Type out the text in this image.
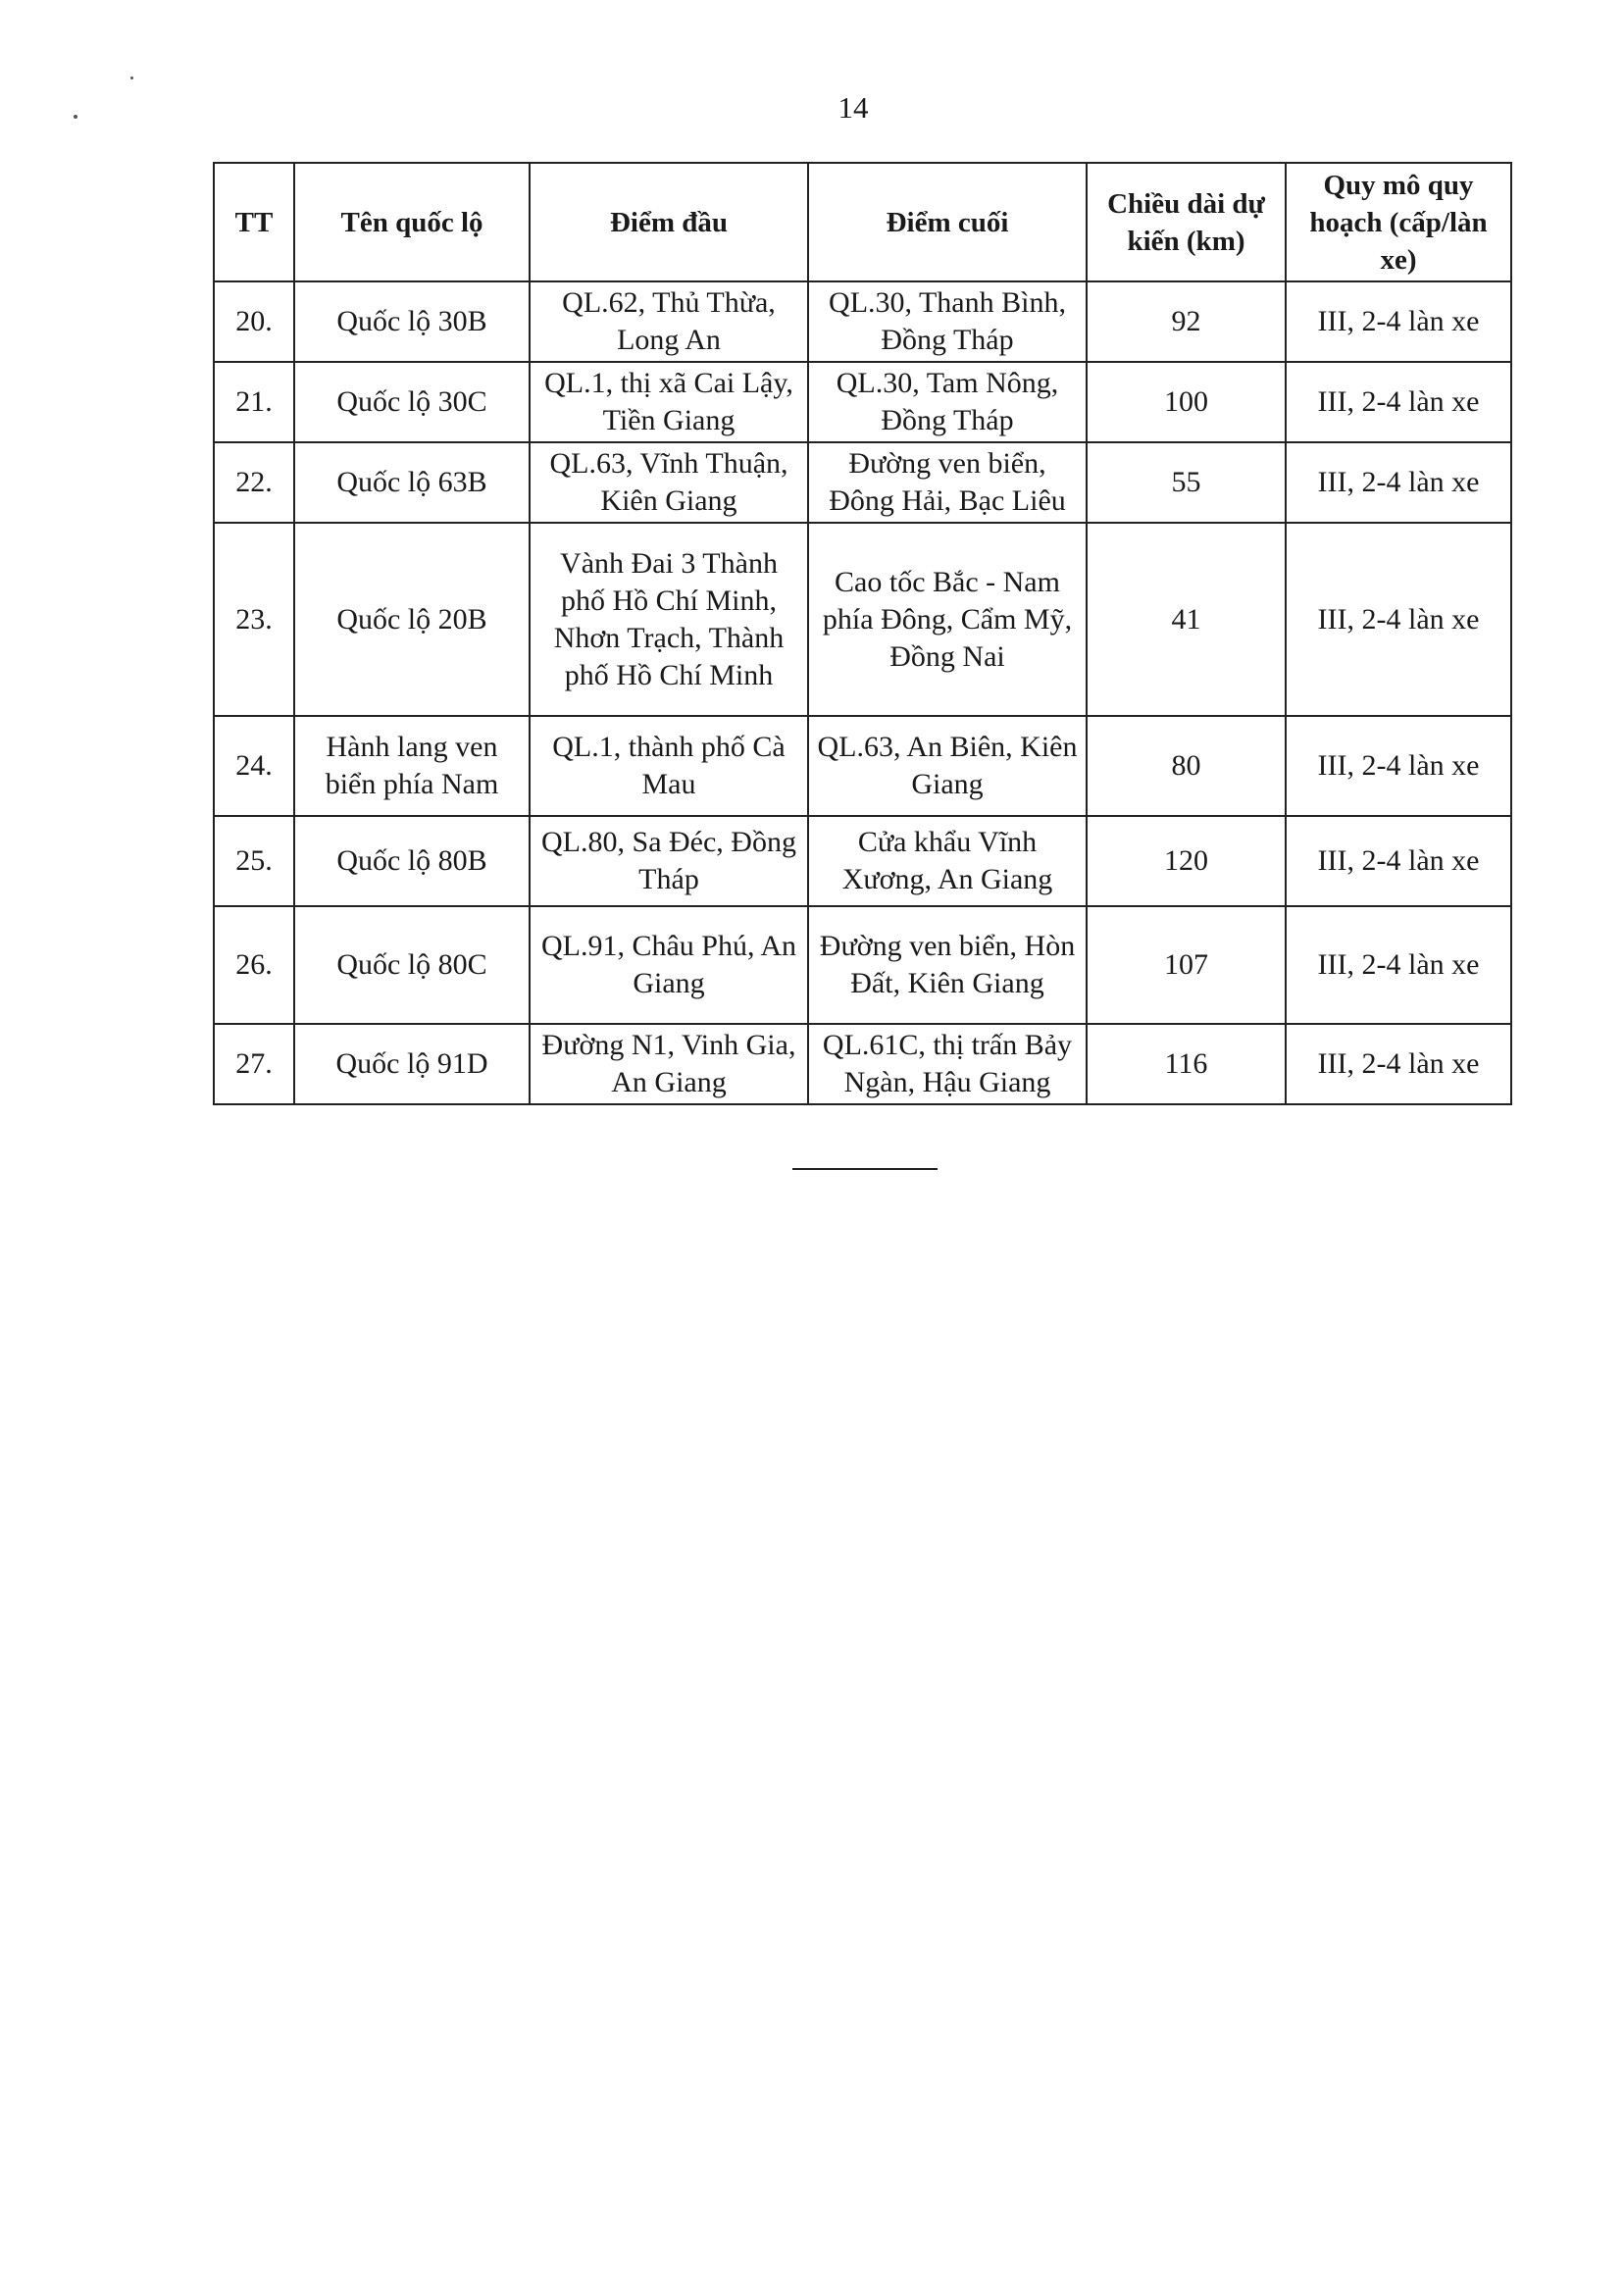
14
TT	Tên quốc lộ	Điểm đầu	Điểm cuối	Chiều dài dự kiến (km)	Quy mô quy hoạch (cấp/làn xe)
20.	Quốc lộ 30B	QL.62, Thủ Thừa, Long An	QL.30, Thanh Bình, Đồng Tháp	92	III, 2-4 làn xe
21.	Quốc lộ 30C	QL.1, thị xã Cai Lậy, Tiền Giang	QL.30, Tam Nông, Đồng Tháp	100	III, 2-4 làn xe
22.	Quốc lộ 63B	QL.63, Vĩnh Thuận, Kiên Giang	Đường ven biển, Đông Hải, Bạc Liêu	55	III, 2-4 làn xe
23.	Quốc lộ 20B	Vành Đai 3 Thành phố Hồ Chí Minh, Nhơn Trạch, Thành phố Hồ Chí Minh	Cao tốc Bắc - Nam phía Đông, Cẩm Mỹ, Đồng Nai	41	III, 2-4 làn xe
24.	Hành lang ven biển phía Nam	QL.1, thành phố Cà Mau	QL.63, An Biên, Kiên Giang	80	III, 2-4 làn xe
25.	Quốc lộ 80B	QL.80, Sa Đéc, Đồng Tháp	Cửa khẩu Vĩnh Xương, An Giang	120	III, 2-4 làn xe
26.	Quốc lộ 80C	QL.91, Châu Phú, An Giang	Đường ven biển, Hòn Đất, Kiên Giang	107	III, 2-4 làn xe
27.	Quốc lộ 91D	Đường N1, Vinh Gia, An Giang	QL.61C, thị trấn Bảy Ngàn, Hậu Giang	116	III, 2-4 làn xe
